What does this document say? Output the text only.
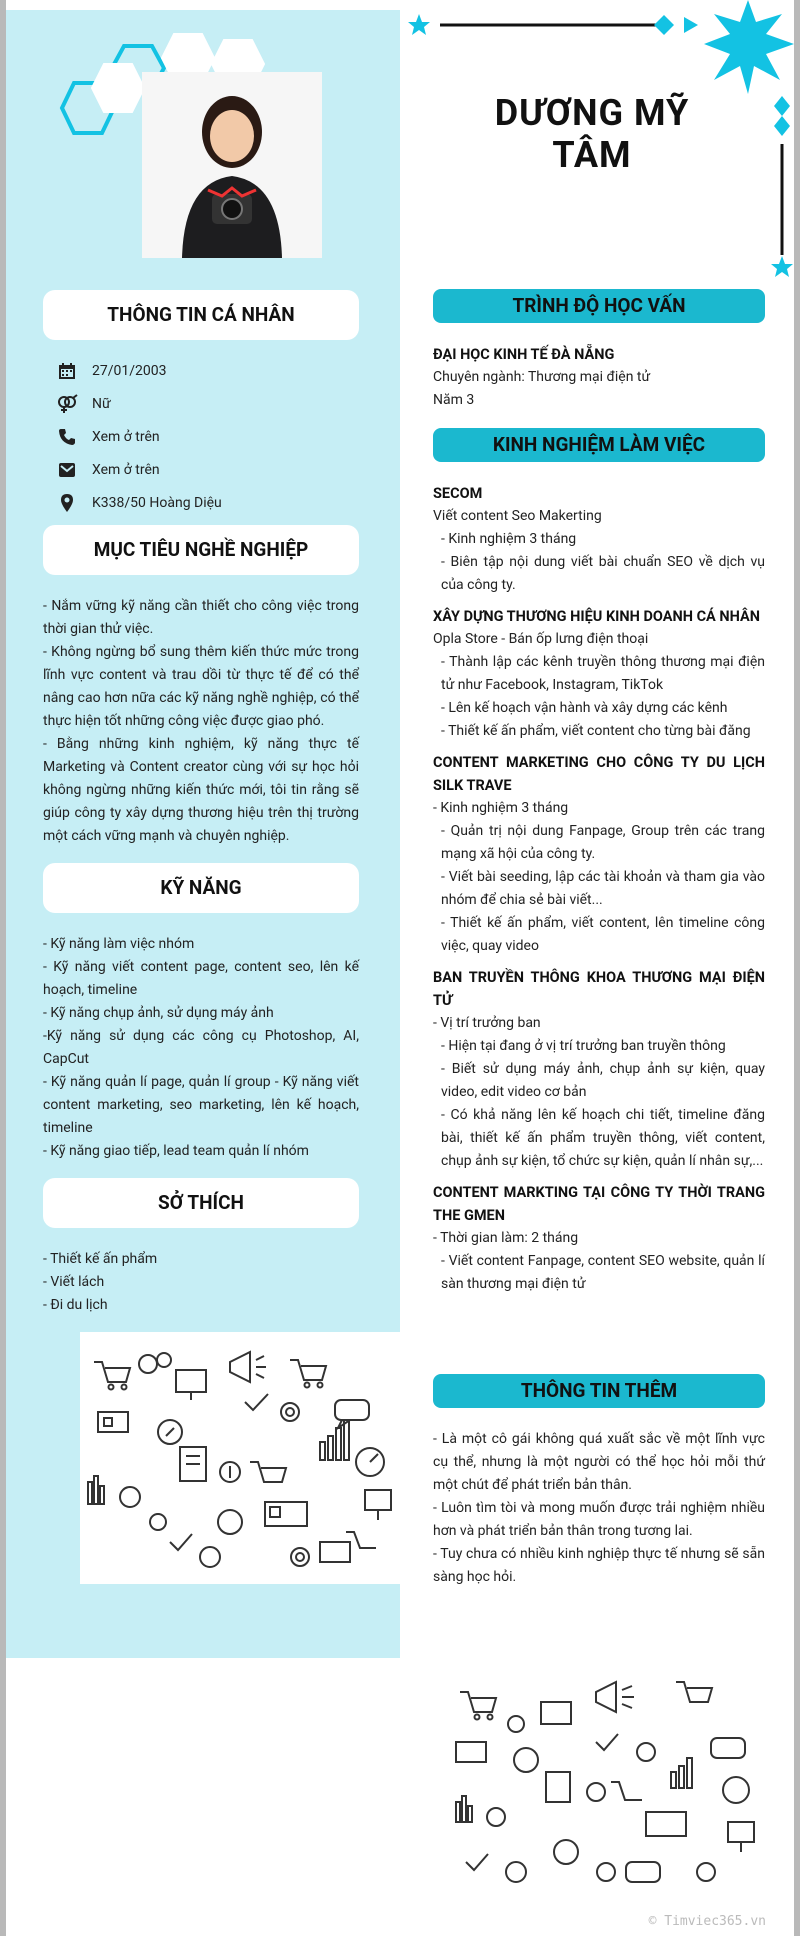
THÔNG TIN CÁ NHÂN
27/01/2003
Nữ
Xem ở trên
Xem ở trên
K338/50 Hoàng Diệu
MỤC TIÊU NGHỀ NGHIỆP

- Nắm vững kỹ năng cần thiết cho công việc trong thời gian thử việc.

- Không ngừng bổ sung thêm kiến thức mức trong lĩnh vực content và trau dồi từ thực tế để có thể nâng cao hơn nữa các kỹ năng nghề nghiệp, có thể thực hiện tốt những công việc được giao phó.

- Bằng những kinh nghiệm, kỹ năng thực tế Marketing và Content creator cùng với sự học hỏi không ngừng những kiến thức mới, tôi tin rằng sẽ giúp công ty xây dựng thương hiệu trên thị trường một cách vững mạnh và chuyên nghiệp.

KỸ NĂNG

- Kỹ năng làm việc nhóm

- Kỹ năng viết content page, content seo, lên kế hoạch, timeline

- Kỹ năng chụp ảnh, sử dụng máy ảnh

-Kỹ năng sử dụng các công cụ Photoshop, AI, CapCut

- Kỹ năng quản lí page, quản lí group - Kỹ năng viết content marketing, seo marketing, lên kế hoạch, timeline

- Kỹ năng giao tiếp, lead team quản lí nhóm

SỞ THÍCH

- Thiết kế ấn phẩm

- Viết lách

- Đi du lịch

DƯƠNG MỸ TÂM
TRÌNH ĐỘ HỌC VẤN

ĐẠI HỌC KINH TẾ ĐÀ NẴNG

Chuyên ngành: Thương mại điện tử

Năm 3

KINH NGHIỆM LÀM VIỆC

SECOM

Viết content Seo Makerting

- Kinh nghiệm 3 tháng

- Biên tập nội dung viết bài chuẩn SEO về dịch vụ của công ty.

XÂY DỰNG THƯƠNG HIỆU KINH DOANH CÁ NHÂN

Opla Store - Bán ốp lưng điện thoại

- Thành lập các kênh truyền thông thương mại điện tử như Facebook, Instagram, TikTok

- Lên kế hoạch vận hành và xây dựng các kênh

- Thiết kế ấn phẩm, viết content cho từng bài đăng

CONTENT MARKETING CHO CÔNG TY DU LỊCH SILK TRAVE

- Kinh nghiệm 3 tháng

- Quản trị nội dung Fanpage, Group trên các trang mạng xã hội của công ty.

- Viết bài seeding, lập các tài khoản và tham gia vào nhóm để chia sẻ bài viết...

- Thiết kế ấn phẩm, viết content, lên timeline công việc, quay video

BAN TRUYỀN THÔNG KHOA THƯƠNG MẠI ĐIỆN TỬ

- Vị trí trưởng ban

- Hiện tại đang ở vị trí trưởng ban truyền thông

- Biết sử dụng máy ảnh, chụp ảnh sự kiện, quay video, edit video cơ bản

- Có khả năng lên kế hoạch chi tiết, timeline đăng bài, thiết kế ấn phẩm truyền thông, viết content, chụp ảnh sự kiện, tổ chức sự kiện, quản lí nhân sự,...

CONTENT MARKTING TẠI CÔNG TY THỜI TRANG THE GMEN

- Thời gian làm: 2 tháng

- Viết content Fanpage, content SEO website, quản lí sàn thương mại điện tử

THÔNG TIN THÊM

- Là một cô gái không quá xuất sắc về một lĩnh vực cụ thể, nhưng là một người có thể học hỏi mỗi thứ một chút để phát triển bản thân.

- Luôn tìm tòi và mong muốn được trải nghiệm nhiều hơn và phát triển bản thân trong tương lai.

- Tuy chưa có nhiều kinh nghiệp thực tế nhưng sẽ sẵn sàng học hỏi.

© Timviec365.vn
